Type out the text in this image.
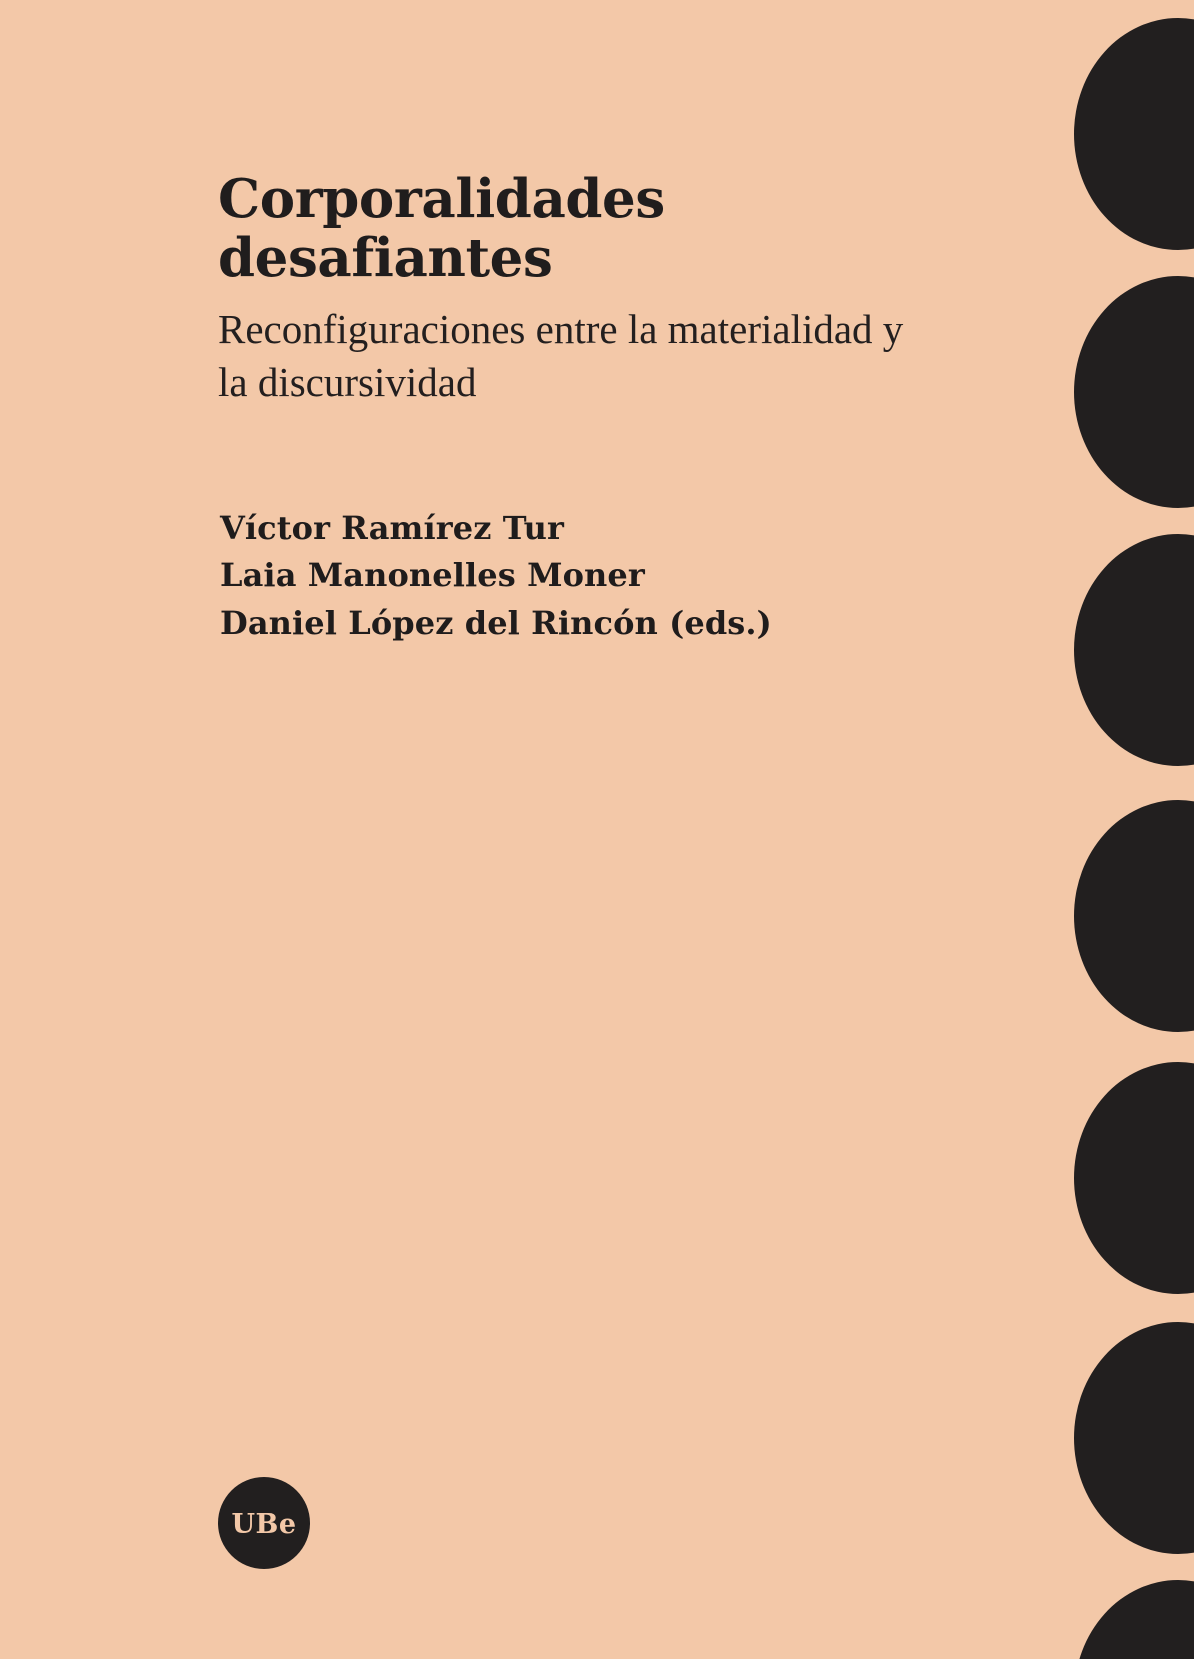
Corporalidades desafiantes

Reconfiguraciones entre la materialidad y la discursividad

Víctor Ramírez Tur
Laia Manonelles Moner
Daniel López del Rincón (eds.)
UBe
